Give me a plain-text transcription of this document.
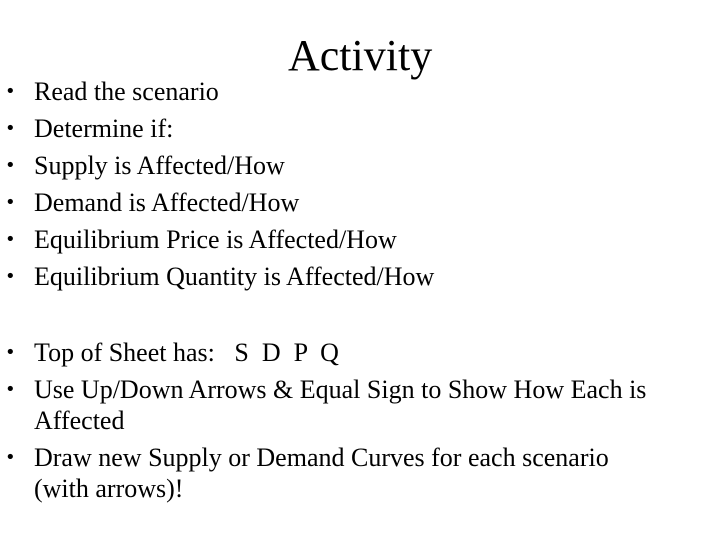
Activity
• Read the scenario
• Determine if:
• Supply is Affected/How
• Demand is Affected/How
• Equilibrium Price is Affected/How
• Equilibrium Quantity is Affected/How
• Top of Sheet has:   S  D  P  Q
• Use Up/Down Arrows & Equal Sign to Show How Each is Affected
• Draw new Supply or Demand Curves for each scenario (with arrows)!
